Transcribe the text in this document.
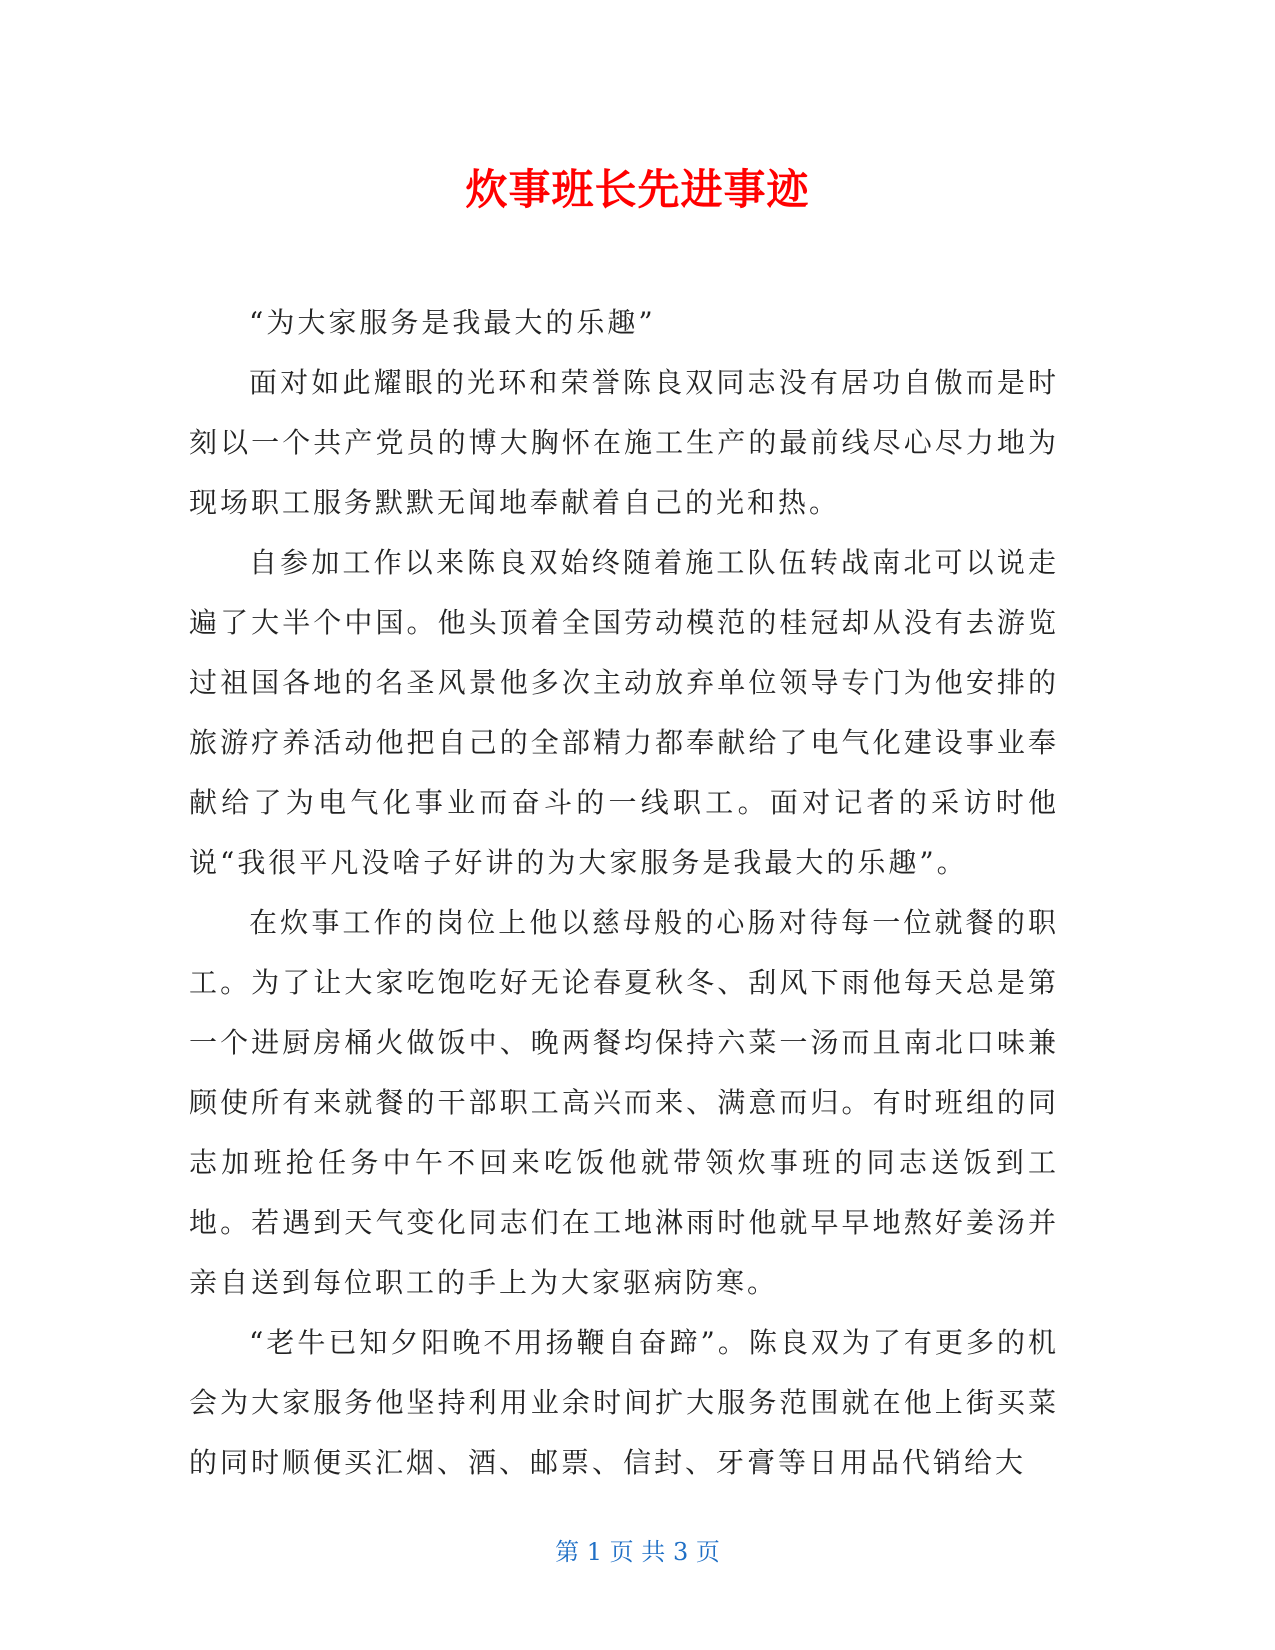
炊事班长先进事迹

“为大家服务是我最大的乐趣”

面对如此耀眼的光环和荣誉陈良双同志没有居功自傲而是时刻以一个共产党员的博大胸怀在施工生产的最前线尽心尽力地为现场职工服务默默无闻地奉献着自己的光和热。

自参加工作以来陈良双始终随着施工队伍转战南北可以说走遍了大半个中国。他头顶着全国劳动模范的桂冠却从没有去游览过祖国各地的名圣风景他多次主动放弃单位领导专门为他安排的旅游疗养活动他把自己的全部精力都奉献给了电气化建设事业奉献给了为电气化事业而奋斗的一线职工。面对记者的采访时他说“我很平凡没啥子好讲的为大家服务是我最大的乐趣”。

在炊事工作的岗位上他以慈母般的心肠对待每一位就餐的职工。为了让大家吃饱吃好无论春夏秋冬、刮风下雨他每天总是第一个进厨房桶火做饭中、晚两餐均保持六菜一汤而且南北口味兼顾使所有来就餐的干部职工高兴而来、满意而归。有时班组的同志加班抢任务中午不回来吃饭他就带领炊事班的同志送饭到工地。若遇到天气变化同志们在工地淋雨时他就早早地熬好姜汤并亲自送到每位职工的手上为大家驱病防寒。

“老牛已知夕阳晚不用扬鞭自奋蹄”。陈良双为了有更多的机会为大家服务他坚持利用业余时间扩大服务范围就在他上街买菜的同时顺便买汇烟、酒、邮票、信封、牙膏等日用品代销给大

第 1 页 共 3 页
